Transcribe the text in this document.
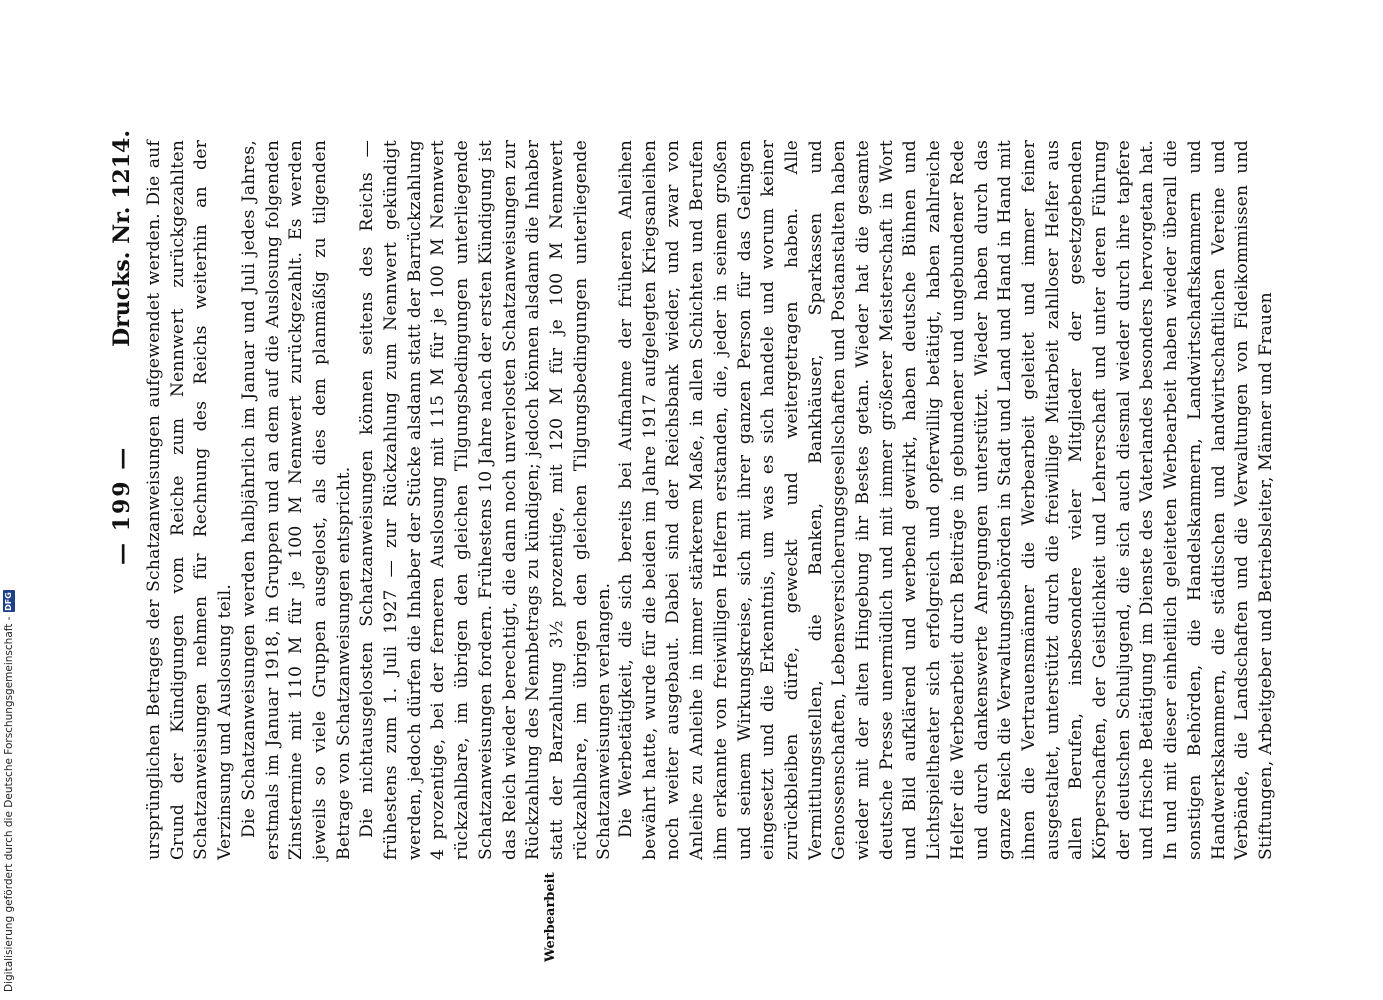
— 199 —
Drucks. Nr. 1214.
Werbearbeit

ursprünglichen Betrages der Schatzanweisungen aufgewendet werden. Die auf Grund der Kündigungen vom Reiche zum Nennwert zurückgezahlten Schatzanweisungen nehmen für Rechnung des Reichs weiterhin an der Verzinsung und Auslosung teil. Die Schatzanweisungen werden halbjährlich im Januar und Juli jedes Jahres, erstmals im Januar 1918, in Gruppen und an dem auf die Auslosung folgenden Zinstermine mit 110 M für je 100 M Nennwert zurückgezahlt. Es werden jeweils so viele Gruppen ausgelost, als dies dem planmäßig zu tilgenden Betrage von Schatzanweisungen entspricht. Die nichtausgelosten Schatzanweisungen können seitens des Reichs — frühestens zum 1. Juli 1927 — zur Rückzahlung zum Nennwert gekündigt werden, jedoch dürfen die Inhaber der Stücke alsdann statt der Barrückzahlung 4 prozentige, bei der ferneren Auslosung mit 115 M für je 100 M Nennwert rückzahlbare, im übrigen den gleichen Tilgungsbedingungen unterliegende Schatzanweisungen fordern. Frühestens 10 Jahre nach der ersten Kündigung ist das Reich wieder berechtigt, die dann noch unverlosten Schatzanweisungen zur Rückzahlung des Nennbetrags zu kündigen; jedoch können alsdann die Inhaber statt der Barzahlung 3½ prozentige, mit 120 M für je 100 M Nennwert rückzahlbare, im übrigen den gleichen Tilgungsbedingungen unterliegende Schatzanweisungen verlangen. Die Werbetätigkeit, die sich bereits bei Aufnahme der früheren Anleihen bewährt hatte, wurde für die beiden im Jahre 1917 aufgelegten Kriegsanleihen noch weiter ausgebaut. Dabei sind der Reichsbank wieder, und zwar von Anleihe zu Anleihe in immer stärkerem Maße, in allen Schichten und Berufen ihm erkannte von freiwilligen Helfern erstanden, die, jeder in seinem großen und seinem Wirkungskreise, sich mit ihrer ganzen Person für das Gelingen eingesetzt und die Erkenntnis, um was es sich handele und worum keiner zurückbleiben dürfe, geweckt und weitergetragen haben. Alle Vermittlungsstellen, die Banken, Bankhäuser, Sparkassen und Genossenschaften, Lebensversicherungsgesellschaften und Postanstalten haben wieder mit der alten Hingebung ihr Bestes getan. Wieder hat die gesamte deutsche Presse unermüdlich und mit immer größerer Meisterschaft in Wort und Bild aufklärend und werbend gewirkt, haben deutsche Bühnen und Lichtspieltheater sich erfolgreich und opferwillig betätigt, haben zahlreiche Helfer die Werbearbeit durch Beiträge in gebundener und ungebundener Rede und durch dankenswerte Anregungen unterstützt. Wieder haben durch das ganze Reich die Verwaltungsbehörden in Stadt und Land und Hand in Hand mit ihnen die Vertrauensmänner die Werbearbeit geleitet und immer feiner ausgestaltet, unterstützt durch die freiwillige Mitarbeit zahlloser Helfer aus allen Berufen, insbesondere vieler Mitglieder der gesetzgebenden Körperschaften, der Geistlichkeit und Lehrerschaft und unter deren Führung der deutschen Schuljugend, die sich auch diesmal wieder durch ihre tapfere und frische Betätigung im Dienste des Vaterlandes besonders hervorgetan hat. In und mit dieser einheitlich geleiteten Werbearbeit haben wieder überall die sonstigen Behörden, die Handelskammern, Landwirtschaftskammern und Handwerkskammern, die städtischen und landwirtschaftlichen Vereine und Verbände, die Landschaften und die Verwaltungen von Fideikommissen und Stiftungen, Arbeitgeber und Betriebsleiter, Männer und Frauen

Digitalisierung gefördert durch die Deutsche Forschungsgemeinschaft -
DFG
